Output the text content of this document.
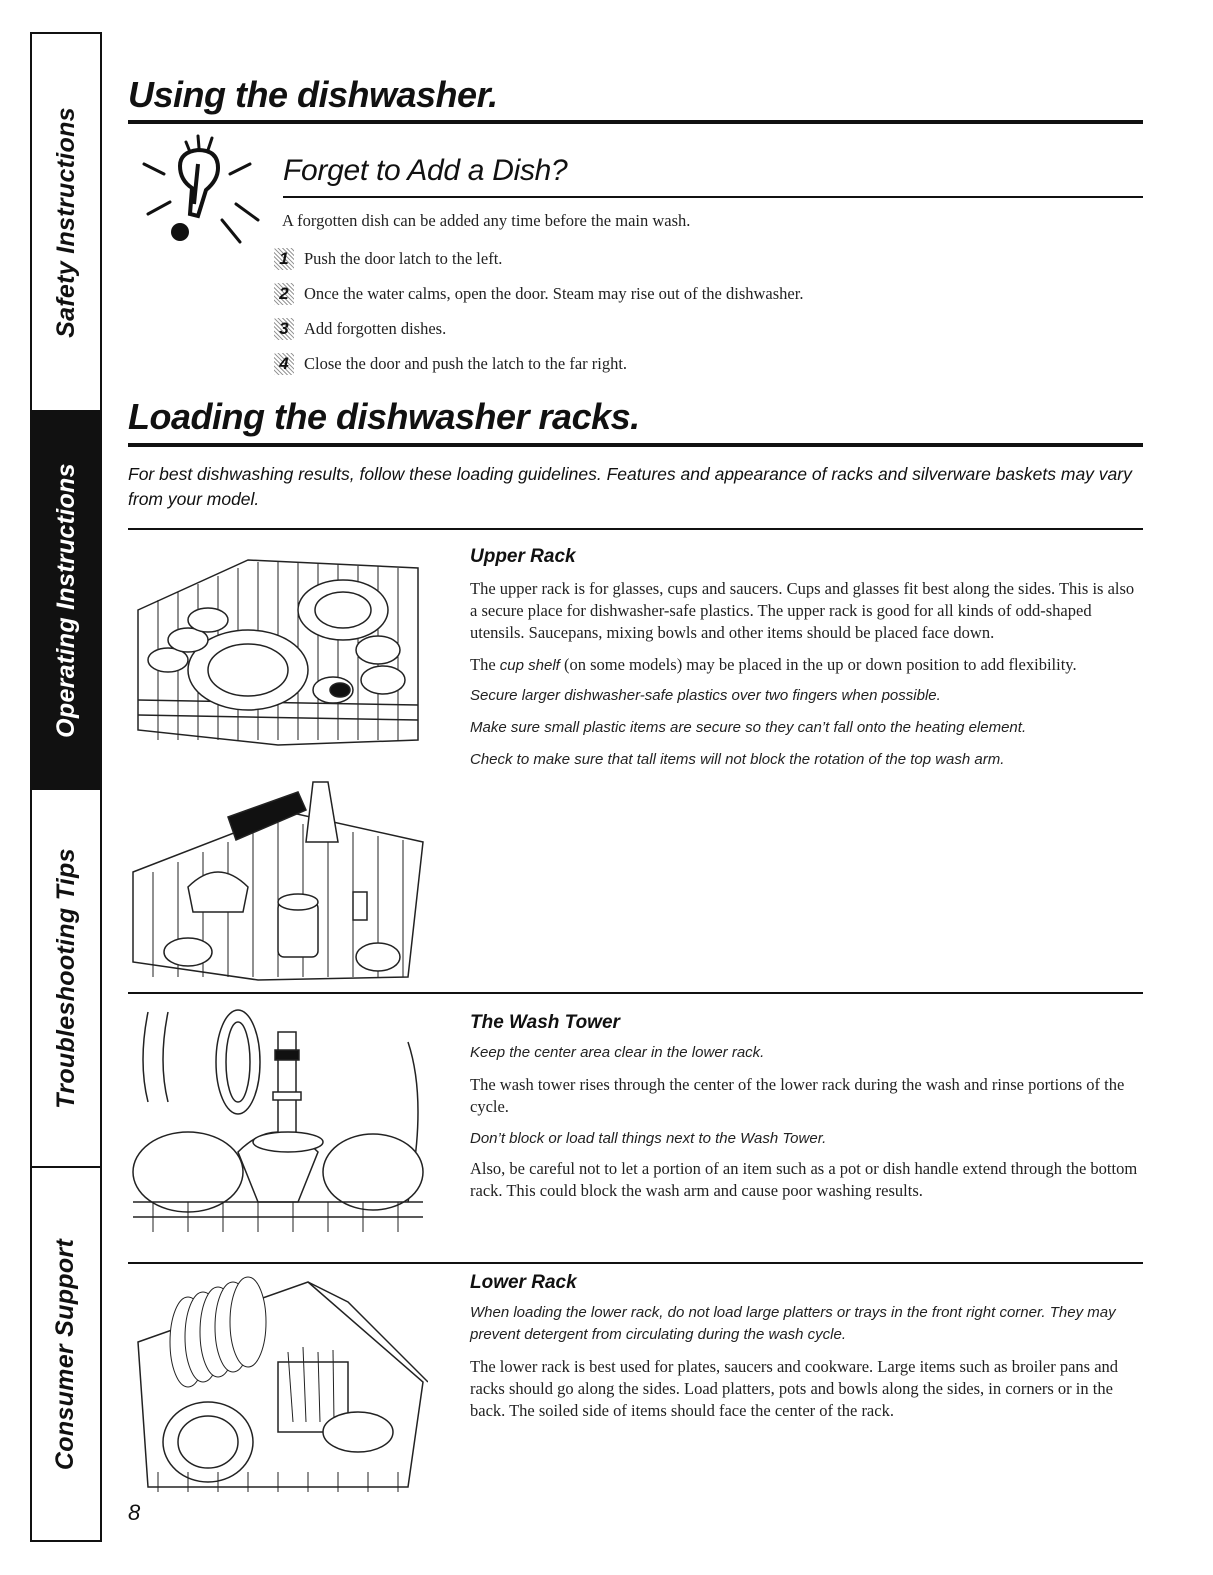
Safety Instructions
Operating Instructions
Troubleshooting Tips
Consumer Support
Using the dishwasher.
Forget to Add a Dish?
A forgotten dish can be added any time before the main wash.
1 Push the door latch to the left.
2 Once the water calms, open the door. Steam may rise out of the dishwasher.
3 Add forgotten dishes.
4 Close the door and push the latch to the far right.
Loading the dishwasher racks.
For best dishwashing results, follow these loading guidelines. Features and appearance of racks and silverware baskets may vary from your model.
Upper Rack

The upper rack is for glasses, cups and saucers. Cups and glasses fit best along the sides. This is also a secure place for dishwasher-safe plastics. The upper rack is good for all kinds of odd-shaped utensils. Saucepans, mixing bowls and other items should be placed face down.

The cup shelf (on some models) may be placed in the up or down position to add flexibility.

Secure larger dishwasher-safe plastics over two fingers when possible.

Make sure small plastic items are secure so they can’t fall onto the heating element.

Check to make sure that tall items will not block the rotation of the top wash arm.

The Wash Tower

Keep the center area clear in the lower rack.

The wash tower rises through the center of the lower rack during the wash and rinse portions of the cycle.

Don’t block or load tall things next to the Wash Tower.

Also, be careful not to let a portion of an item such as a pot or dish handle extend through the bottom rack. This could block the wash arm and cause poor washing results.

Lower Rack

When loading the lower rack, do not load large platters or trays in the front right corner. They may prevent detergent from circulating during the wash cycle.

The lower rack is best used for plates, saucers and cookware. Large items such as broiler pans and racks should go along the sides. Load platters, pots and bowls along the sides, in corners or in the back. The soiled side of items should face the center of the rack.

8
